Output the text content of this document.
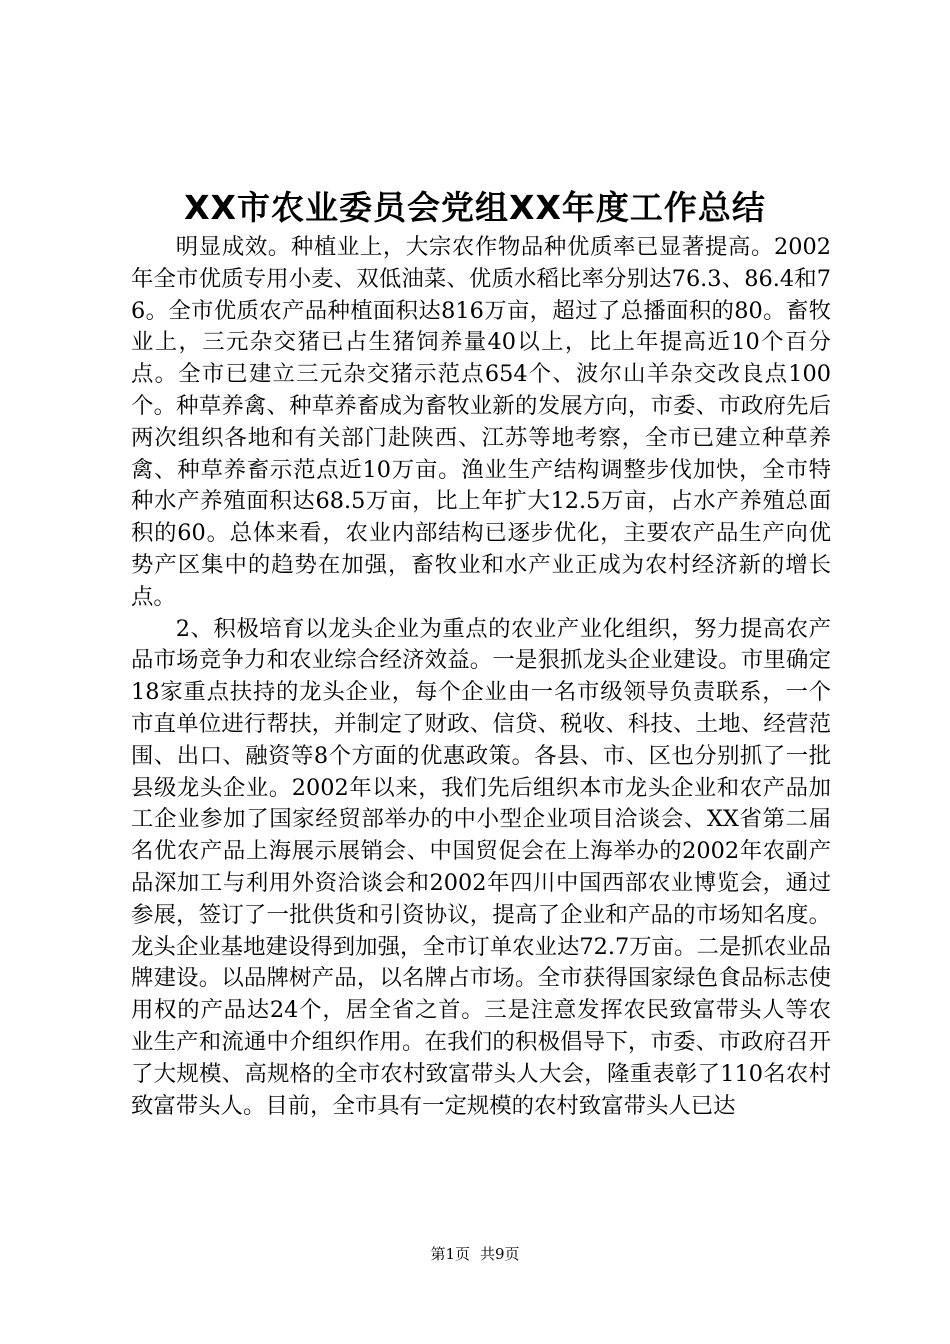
XX市农业委员会党组XX年度工作总结

明显成效。种植业上，大宗农作物品种优质率已显著提高。2002年全市优质专用小麦、双低油菜、优质水稻比率分别达76.3、86.4和76。全市优质农产品种植面积达816万亩，超过了总播面积的80。畜牧业上，三元杂交猪已占生猪饲养量40以上，比上年提高近10个百分点。全市已建立三元杂交猪示范点654个、波尔山羊杂交改良点100个。种草养禽、种草养畜成为畜牧业新的发展方向，市委、市政府先后两次组织各地和有关部门赴陕西、江苏等地考察，全市已建立种草养禽、种草养畜示范点近10万亩。渔业生产结构调整步伐加快，全市特种水产养殖面积达68.5万亩，比上年扩大12.5万亩，占水产养殖总面积的60。总体来看，农业内部结构已逐步优化，主要农产品生产向优势产区集中的趋势在加强，畜牧业和水产业正成为农村经济新的增长点。

2、积极培育以龙头企业为重点的农业产业化组织，努力提高农产品市场竞争力和农业综合经济效益。一是狠抓龙头企业建设。市里确定18家重点扶持的龙头企业，每个企业由一名市级领导负责联系，一个市直单位进行帮扶，并制定了财政、信贷、税收、科技、土地、经营范围、出口、融资等8个方面的优惠政策。各县、市、区也分别抓了一批县级龙头企业。2002年以来，我们先后组织本市龙头企业和农产品加工企业参加了国家经贸部举办的中小型企业项目洽谈会、XX省第二届名优农产品上海展示展销会、中国贸促会在上海举办的2002年农副产品深加工与利用外资洽谈会和2002年四川中国西部农业博览会，通过参展，签订了一批供货和引资协议，提高了企业和产品的市场知名度。龙头企业基地建设得到加强，全市订单农业达72.7万亩。二是抓农业品牌建设。以品牌树产品，以名牌占市场。全市获得国家绿色食品标志使用权的产品达24个，居全省之首。三是注意发挥农民致富带头人等农业生产和流通中介组织作用。在我们的积极倡导下，市委、市政府召开了大规模、高规格的全市农村致富带头人大会，隆重表彰了110名农村致富带头人。目前，全市具有一定规模的农村致富带头人已达

第1页 共9页
